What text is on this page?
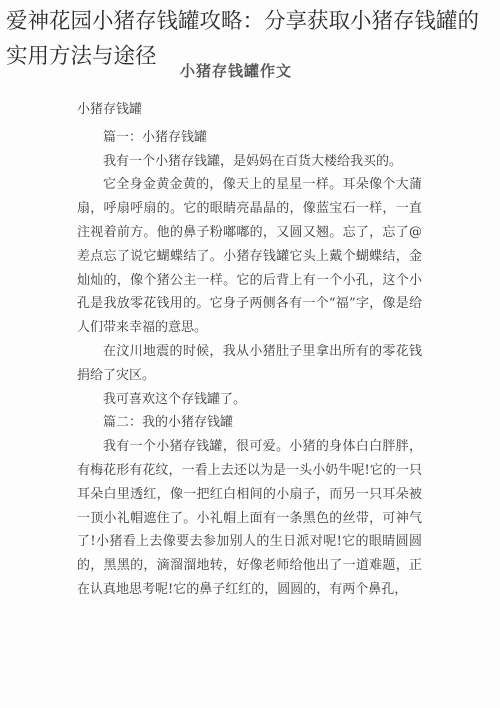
小猪存钱罐作文

小猪存钱罐

篇一：小猪存钱罐

我有一个小猪存钱罐，是妈妈在百货大楼给我买的。

它全身金黄金黄的，像天上的星星一样。耳朵像个大蒲扇，呼扇呼扇的。它的眼睛亮晶晶的，像蓝宝石一样，一直注视着前方。他的鼻子粉嘟嘟的，又圆又翘。忘了，忘了@差点忘了说它蝴蝶结了。小猪存钱罐它头上戴个蝴蝶结，金灿灿的，像个猪公主一样。它的后背上有一个小孔，这个小孔是我放零花钱用的。它身子两侧各有一个“福”字，像是给人们带来幸福的意思。

在汶川地震的时候，我从小猪肚子里拿出所有的零花钱捐给了灾区。

我可喜欢这个存钱罐了。

篇二：我的小猪存钱罐

我有一个小猪存钱罐，很可爱。小猪的身体白白胖胖，有梅花形有花纹，一看上去还以为是一头小奶牛呢!它的一只耳朵白里透红，像一把红白相间的小扇子，而另一只耳朵被一顶小礼帽遮住了。小礼帽上面有一条黑色的丝带，可神气了!小猪看上去像要去参加别人的生日派对呢!它的眼睛圆圆的，黑黑的，滴溜溜地转，好像老师给他出了一道难题，正在认真地思考呢!它的鼻子红红的，圆圆的，有两个鼻孔，

爱神花园小猪存钱罐攻略：分享获取小猪存钱罐的实用方法与途径
